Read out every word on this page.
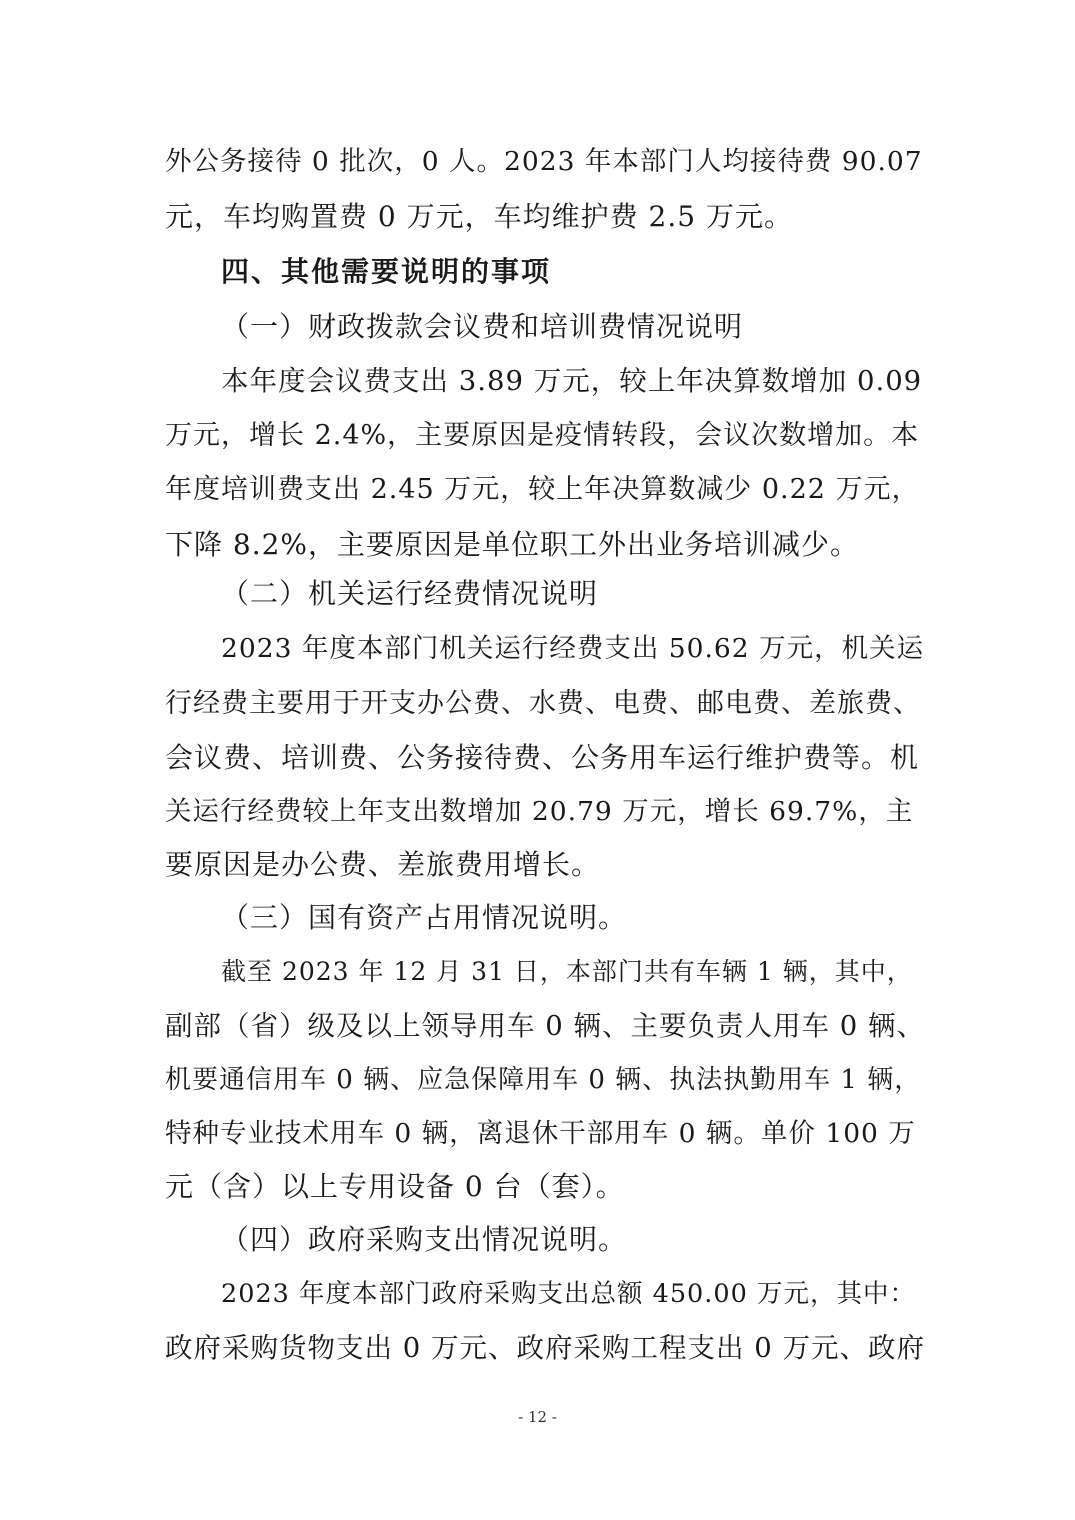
外公务接待 0 批次，0 人。2023 年本部门人均接待费 90.07
元，车均购置费 0 万元，车均维护费 2.5 万元。
四、其他需要说明的事项
（一）财政拨款会议费和培训费情况说明
本年度会议费支出 3.89 万元，较上年决算数增加 0.09
万元，增长 2.4%，主要原因是疫情转段，会议次数增加。本
年度培训费支出 2.45 万元，较上年决算数减少 0.22 万元，
下降 8.2%，主要原因是单位职工外出业务培训减少。
（二）机关运行经费情况说明
2023 年度本部门机关运行经费支出 50.62 万元，机关运
行经费主要用于开支办公费、水费、电费、邮电费、差旅费、
会议费、培训费、公务接待费、公务用车运行维护费等。机
关运行经费较上年支出数增加 20.79 万元，增长 69.7%，主
要原因是办公费、差旅费用增长。
（三）国有资产占用情况说明。
截至 2023 年 12 月 31 日，本部门共有车辆 1 辆，其中，
副部（省）级及以上领导用车 0 辆、主要负责人用车 0 辆、
机要通信用车 0 辆、应急保障用车 0 辆、执法执勤用车 1 辆，
特种专业技术用车 0 辆，离退休干部用车 0 辆。单价 100 万
元（含）以上专用设备 0 台（套）。
（四）政府采购支出情况说明。
2023 年度本部门政府采购支出总额 450.00 万元，其中：
政府采购货物支出 0 万元、政府采购工程支出 0 万元、政府
- 12 -
